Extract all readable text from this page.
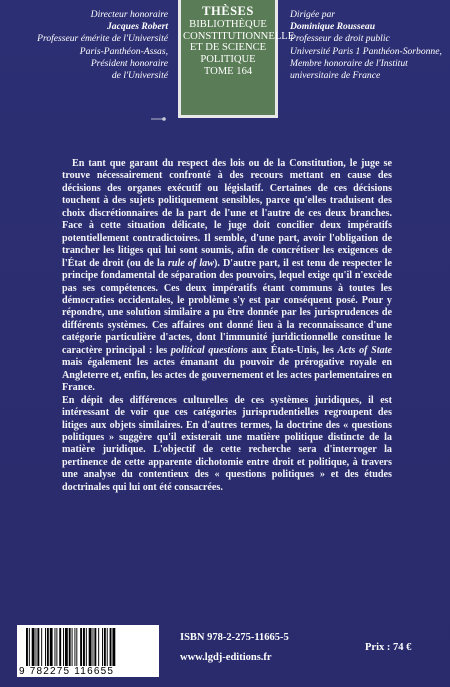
Directeur honoraire
Jacques Robert
Professeur émérite de l'Université
Paris-Panthéon-Assas,
Président honoraire
de l'Université
THÈSES
BIBLIOTHÈQUE
CONSTITUTIONNELLE
ET DE SCIENCE
POLITIQUE
TOME 164
Dirigée par
Dominique Rousseau
Professeur de droit public
Université Paris 1 Panthéon-Sorbonne,
Membre honoraire de l'Institut
universitaire de France

En tant que garant du respect des lois ou de la Constitution, le juge se trouve nécessairement confronté à des recours mettant en cause des décisions des organes exécutif ou législatif. Certaines de ces décisions touchent à des sujets politiquement sensibles, parce qu'elles traduisent des choix discrétionnaires de la part de l'une et l'autre de ces deux branches. Face à cette situation délicate, le juge doit concilier deux impératifs potentiellement contradictoires. Il semble, d'une part, avoir l'obligation de trancher les litiges qui lui sont soumis, afin de concrétiser les exigences de l'État de droit (ou de la rule of law). D'autre part, il est tenu de respecter le principe fondamental de séparation des pouvoirs, lequel exige qu'il n'excède pas ses compétences. Ces deux impératifs étant communs à toutes les démocraties occidentales, le problème s'y est par conséquent posé. Pour y répondre, une solution similaire a pu être donnée par les jurisprudences de différents systèmes. Ces affaires ont donné lieu à la reconnaissance d'une catégorie particulière d'actes, dont l'immunité juridictionnelle constitue le caractère principal : les political questions aux États-Unis, les Acts of State mais également les actes émanant du pouvoir de prérogative royale en Angleterre et, enfin, les actes de gouvernement et les actes parlementaires en France.

En dépit des différences culturelles de ces systèmes juridiques, il est intéressant de voir que ces catégories jurisprudentielles regroupent des litiges aux objets similaires. En d'autres termes, la doctrine des « questions politiques » suggère qu'il existerait une matière politique distincte de la matière juridique. L'objectif de cette recherche sera d'interroger la pertinence de cette apparente dichotomie entre droit et politique, à travers une analyse du contentieux des « questions politiques » et des études doctrinales qui lui ont été consacrées.

9 782275 116655
ISBN 978-2-275-11665-5
www.lgdj-editions.fr
Prix : 74 €
